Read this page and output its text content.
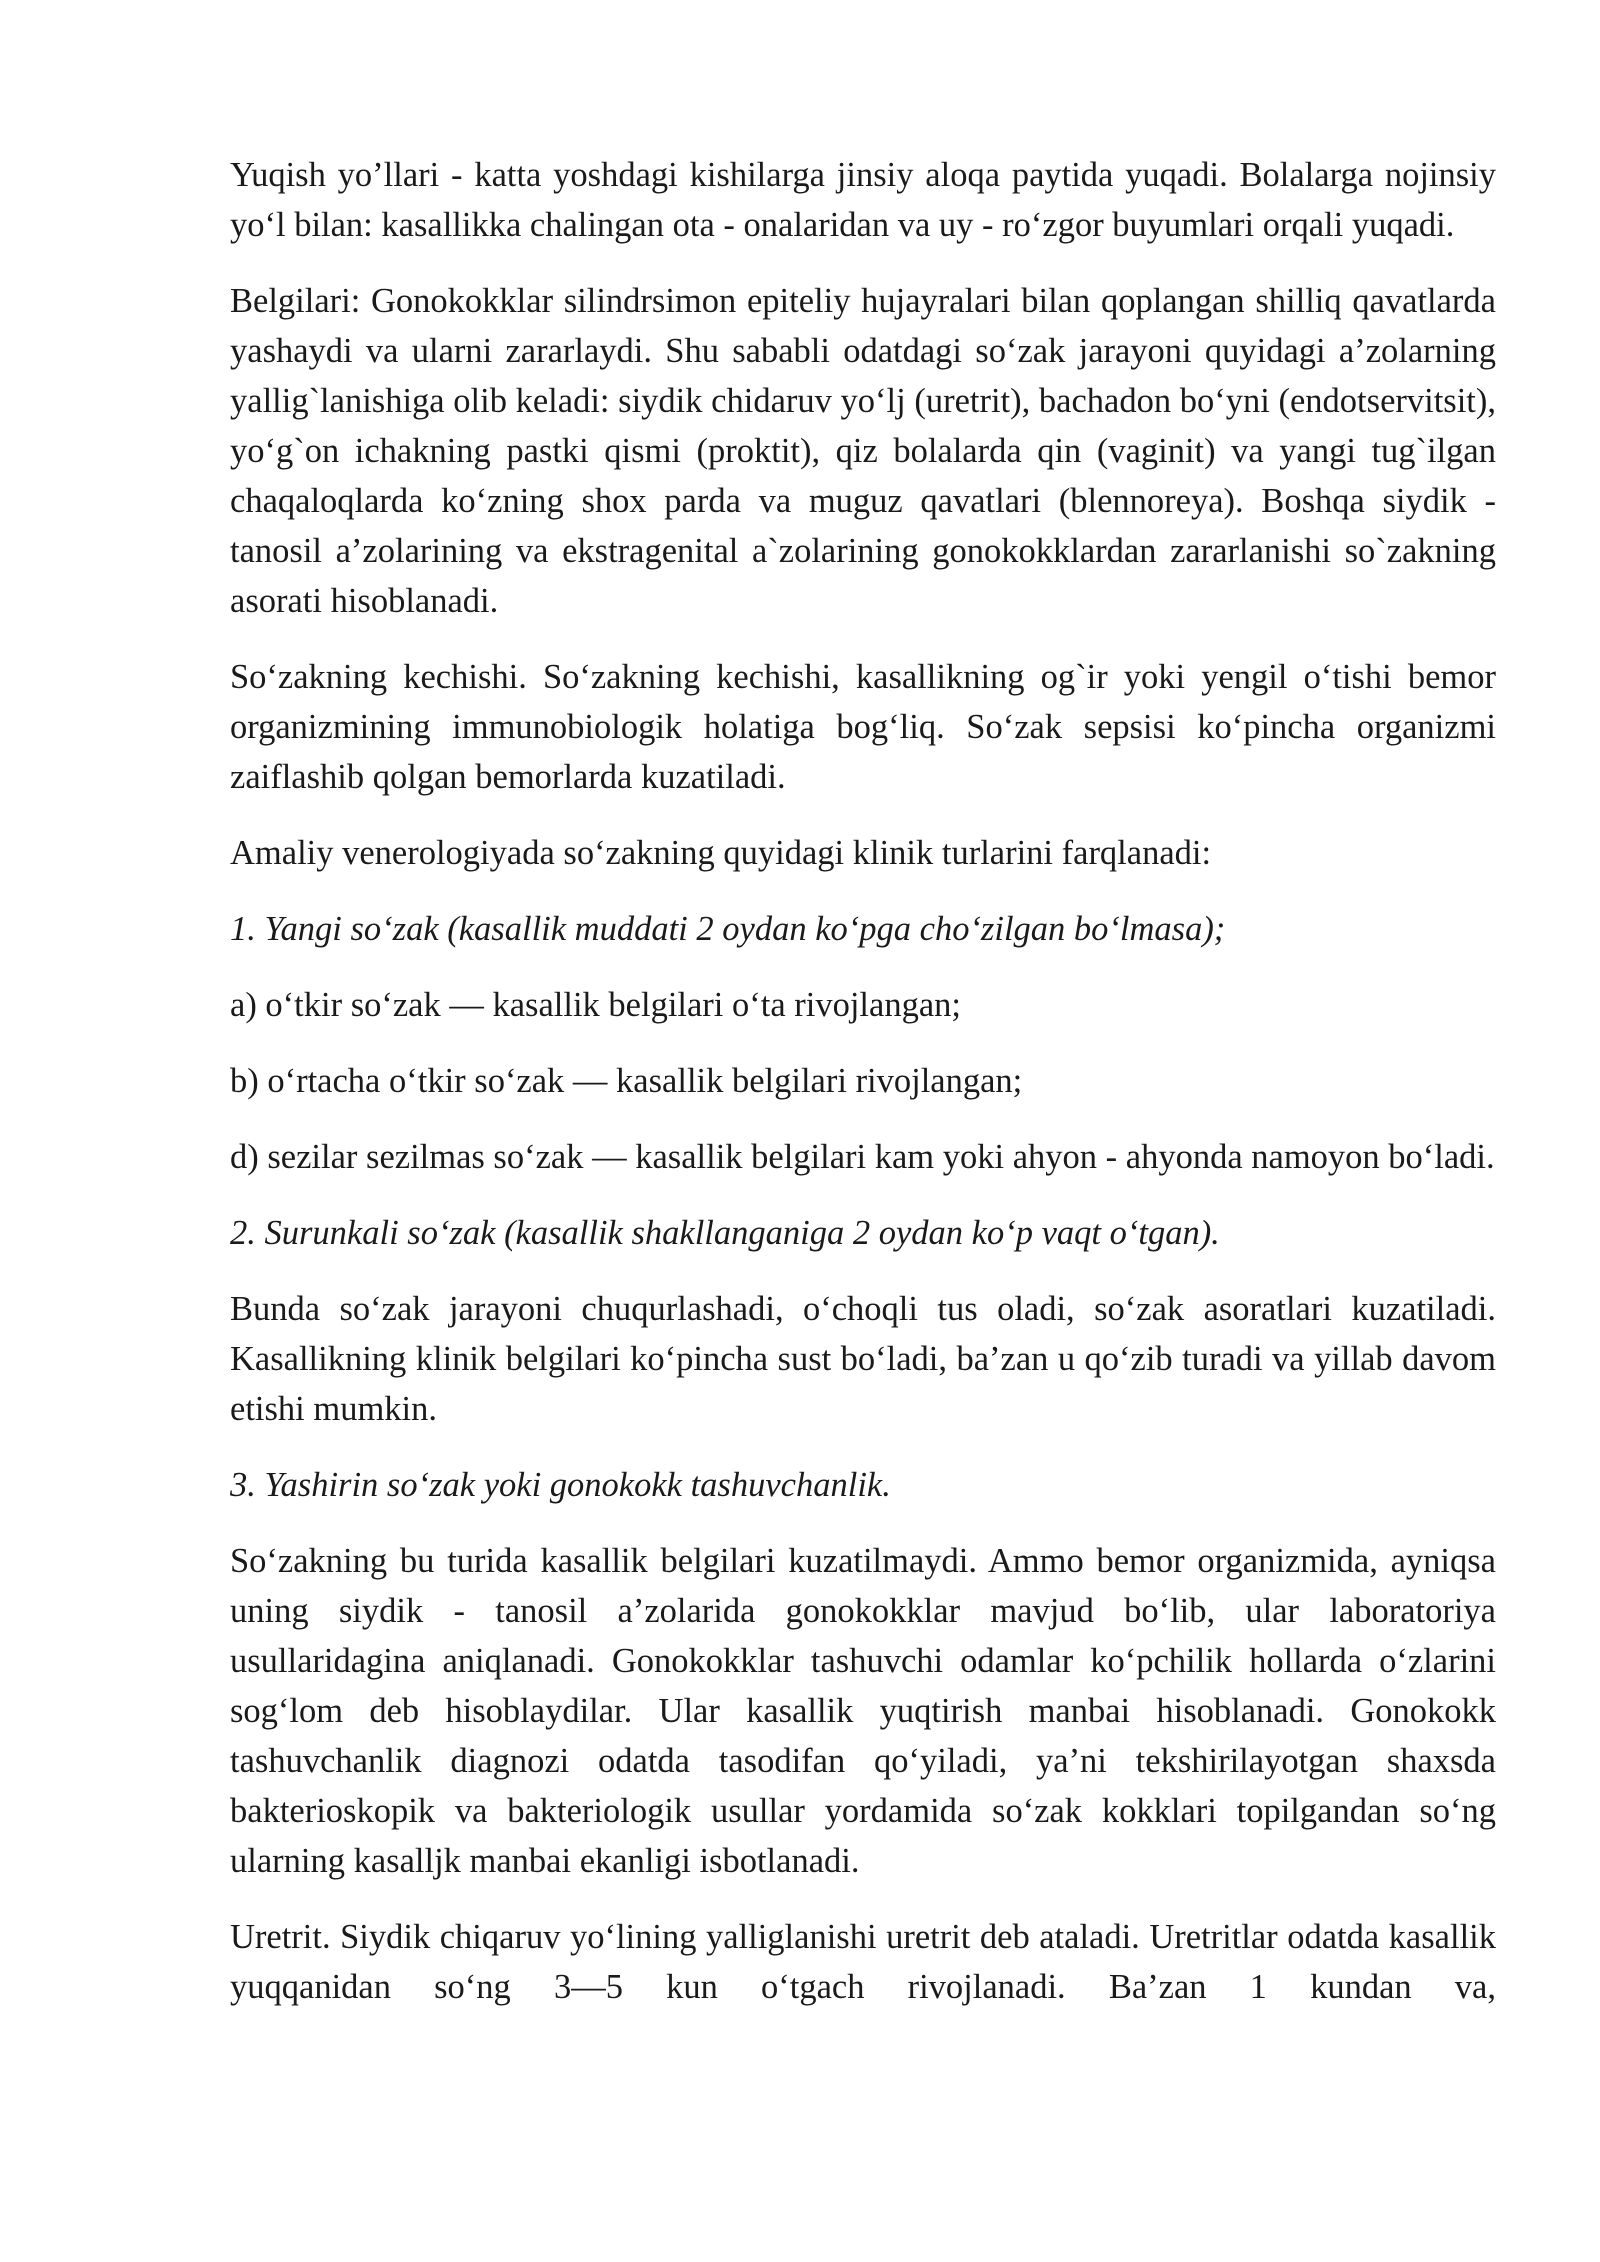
Yuqish yo’llari - katta yoshdagi kishilarga jinsiy aloqa paytida yuqadi. Bolalarga nojinsiy yo‘l bilan: kasallikka chalingan ota - onalaridan va uy - ro‘zgor buyumlari orqali yuqadi.

Belgilari: Gonokokklar silindrsimon epiteliy hujayralari bilan qoplangan shilliq qavatlarda yashaydi va ularni zararlaydi. Shu sababli odatdagi so‘zak jarayoni quyidagi a’zolarning yallig`lanishiga olib keladi: siydik chidaruv yo‘lj (uretrit), bachadon bo‘yni (endotservitsit), yo‘g`on ichakning pastki qismi (proktit), qiz bolalarda qin (vaginit) va yangi tug`ilgan chaqaloqlarda ko‘zning shox parda va muguz qavatlari (blennoreya). Boshqa siydik - tanosil a’zolarining va ekstragenital a`zolarining gonokokklardan zararlanishi so`zakning asorati hisoblanadi.

So‘zakning kechishi. So‘zakning kechishi, kasallikning og`ir yoki yengil o‘tishi bemor organizmining immunobiologik holatiga bog‘liq. So‘zak sepsisi ko‘pincha organizmi zaiflashib qolgan bemorlarda kuzatiladi.

Amaliy venerologiyada so‘zakning quyidagi klinik turlarini farqlanadi:

1. Yangi so‘zak (kasallik muddati 2 oydan ko‘pga cho‘zilgan bo‘lmasa);

a) o‘tkir so‘zak — kasallik belgilari o‘ta rivojlangan;

b) o‘rtacha o‘tkir so‘zak — kasallik belgilari rivojlangan;

d) sezilar sezilmas so‘zak — kasallik belgilari kam yoki ahyon - ahyonda namoyon bo‘ladi.

2. Surunkali so‘zak (kasallik shakllanganiga 2 oydan ko‘p vaqt o‘tgan).

Bunda so‘zak jarayoni chuqurlashadi, o‘choqli tus oladi, so‘zak asoratlari kuzatiladi. Kasallikning klinik belgilari ko‘pincha sust bo‘ladi, ba’zan u qo‘zib turadi va yillab davom etishi mumkin.

3. Yashirin so‘zak yoki gonokokk tashuvchanlik.

So‘zakning bu turida kasallik belgilari kuzatilmaydi. Ammo bemor organizmida, ayniqsa uning siydik - tanosil a’zolarida gonokokklar mavjud bo‘lib, ular laboratoriya usullaridagina aniqlanadi. Gonokokklar tashuvchi odamlar ko‘pchilik hollarda o‘zlarini sog‘lom deb hisoblaydilar. Ular kasallik yuqtirish manbai hisoblanadi. Gonokokk tashuvchanlik diagnozi odatda tasodifan qo‘yiladi, ya’ni tekshirilayotgan shaxsda bakterioskopik va bakteriologik usullar yordamida so‘zak kokklari topilgandan so‘ng ularning kasalljk manbai ekanligi isbotlanadi.

Uretrit. Siydik chiqaruv yo‘lining yalliglanishi uretrit deb ataladi. Uretritlar odatda kasallik yuqqanidan so‘ng 3—5 kun o‘tgach rivojlanadi. Ba’zan 1 kundan va,
